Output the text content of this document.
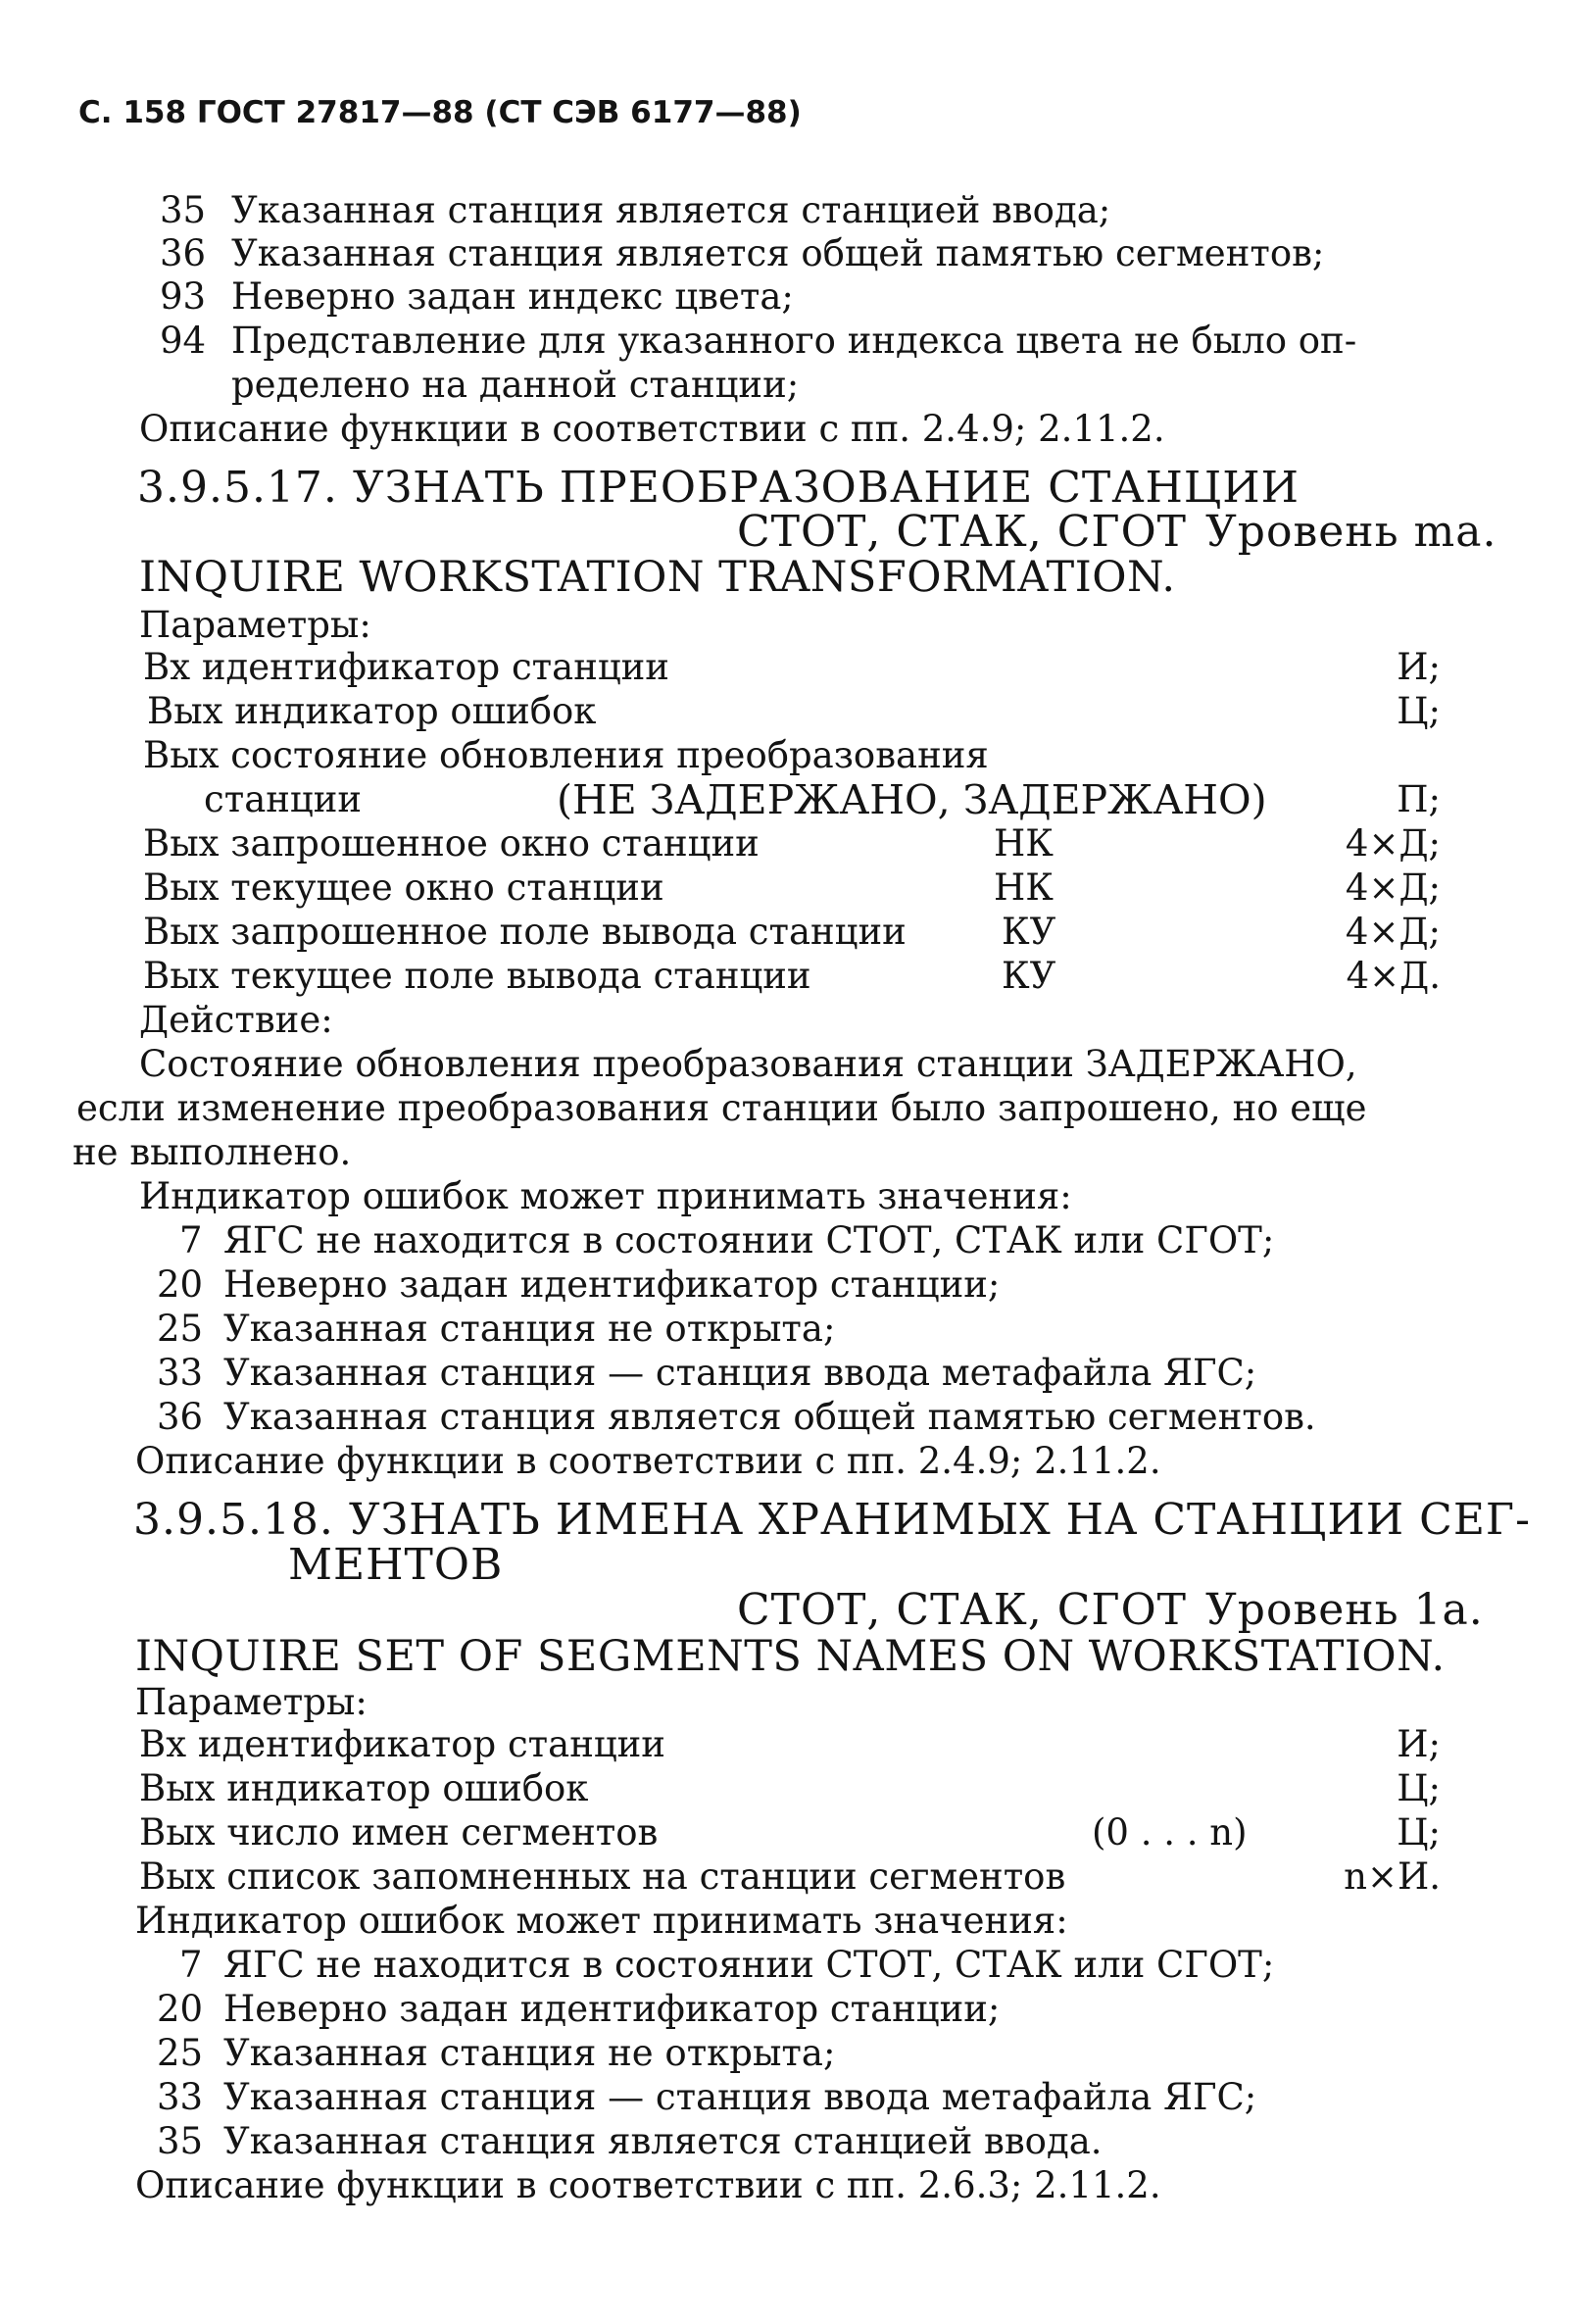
С. 158 ГОСТ 27817—88 (СТ СЭВ 6177—88)
35 Указанная станция является станцией ввода;
36 Указанная станция является общей памятью сегментов;
93 Неверно задан индекс цвета;
94 Представление для указанного индекса цвета не было оп-
ределено на данной станции;
Описание функции в соответствии с пп. 2.4.9; 2.11.2.
3.9.5.17. УЗНАТЬ ПРЕОБРАЗОВАНИЕ СТАНЦИИ
СТОТ, СТАК, СГОТ Уровень ma.
INQUIRE WORKSTATION TRANSFORMATION.
Параметры:
Вх идентификатор станции	И;
Вых индикатор ошибок	Ц;
Вых состояние обновления преобразования
станции	(НЕ ЗАДЕРЖАНО, ЗАДЕРЖАНО)	П;
Вых запрошенное окно станции	НК	4×Д;
Вых текущее окно станции	НК	4×Д;
Вых запрошенное поле вывода станции	КУ	4×Д;
Вых текущее поле вывода станции	КУ	4×Д.
Действие:
Состояние обновления преобразования станции ЗАДЕРЖАНО,
если изменение преобразования станции было запрошено, но еще
не выполнено.
Индикатор ошибок может принимать значения:
7 ЯГС не находится в состоянии СТОТ, СТАК или СГОТ;
20 Неверно задан идентификатор станции;
25 Указанная станция не открыта;
33 Указанная станция — станция ввода метафайла ЯГС;
36 Указанная станция является общей памятью сегментов.
Описание функции в соответствии с пп. 2.4.9; 2.11.2.
3.9.5.18. УЗНАТЬ ИМЕНА ХРАНИМЫХ НА СТАНЦИИ СЕГ-
МЕНТОВ
СТОТ, СТАК, СГОТ Уровень 1a.
INQUIRE SET OF SEGMENTS NAMES ON WORKSTATION.
Параметры:
Вх идентификатор станции	И;
Вых индикатор ошибок	Ц;
Вых число имен сегментов	(0 . . . n)	Ц;
Вых список запомненных на станции сегментов	n×И.
Индикатор ошибок может принимать значения:
7 ЯГС не находится в состоянии СТОТ, СТАК или СГОТ;
20 Неверно задан идентификатор станции;
25 Указанная станция не открыта;
33 Указанная станция — станция ввода метафайла ЯГС;
35 Указанная станция является станцией ввода.
Описание функции в соответствии с пп. 2.6.3; 2.11.2.
